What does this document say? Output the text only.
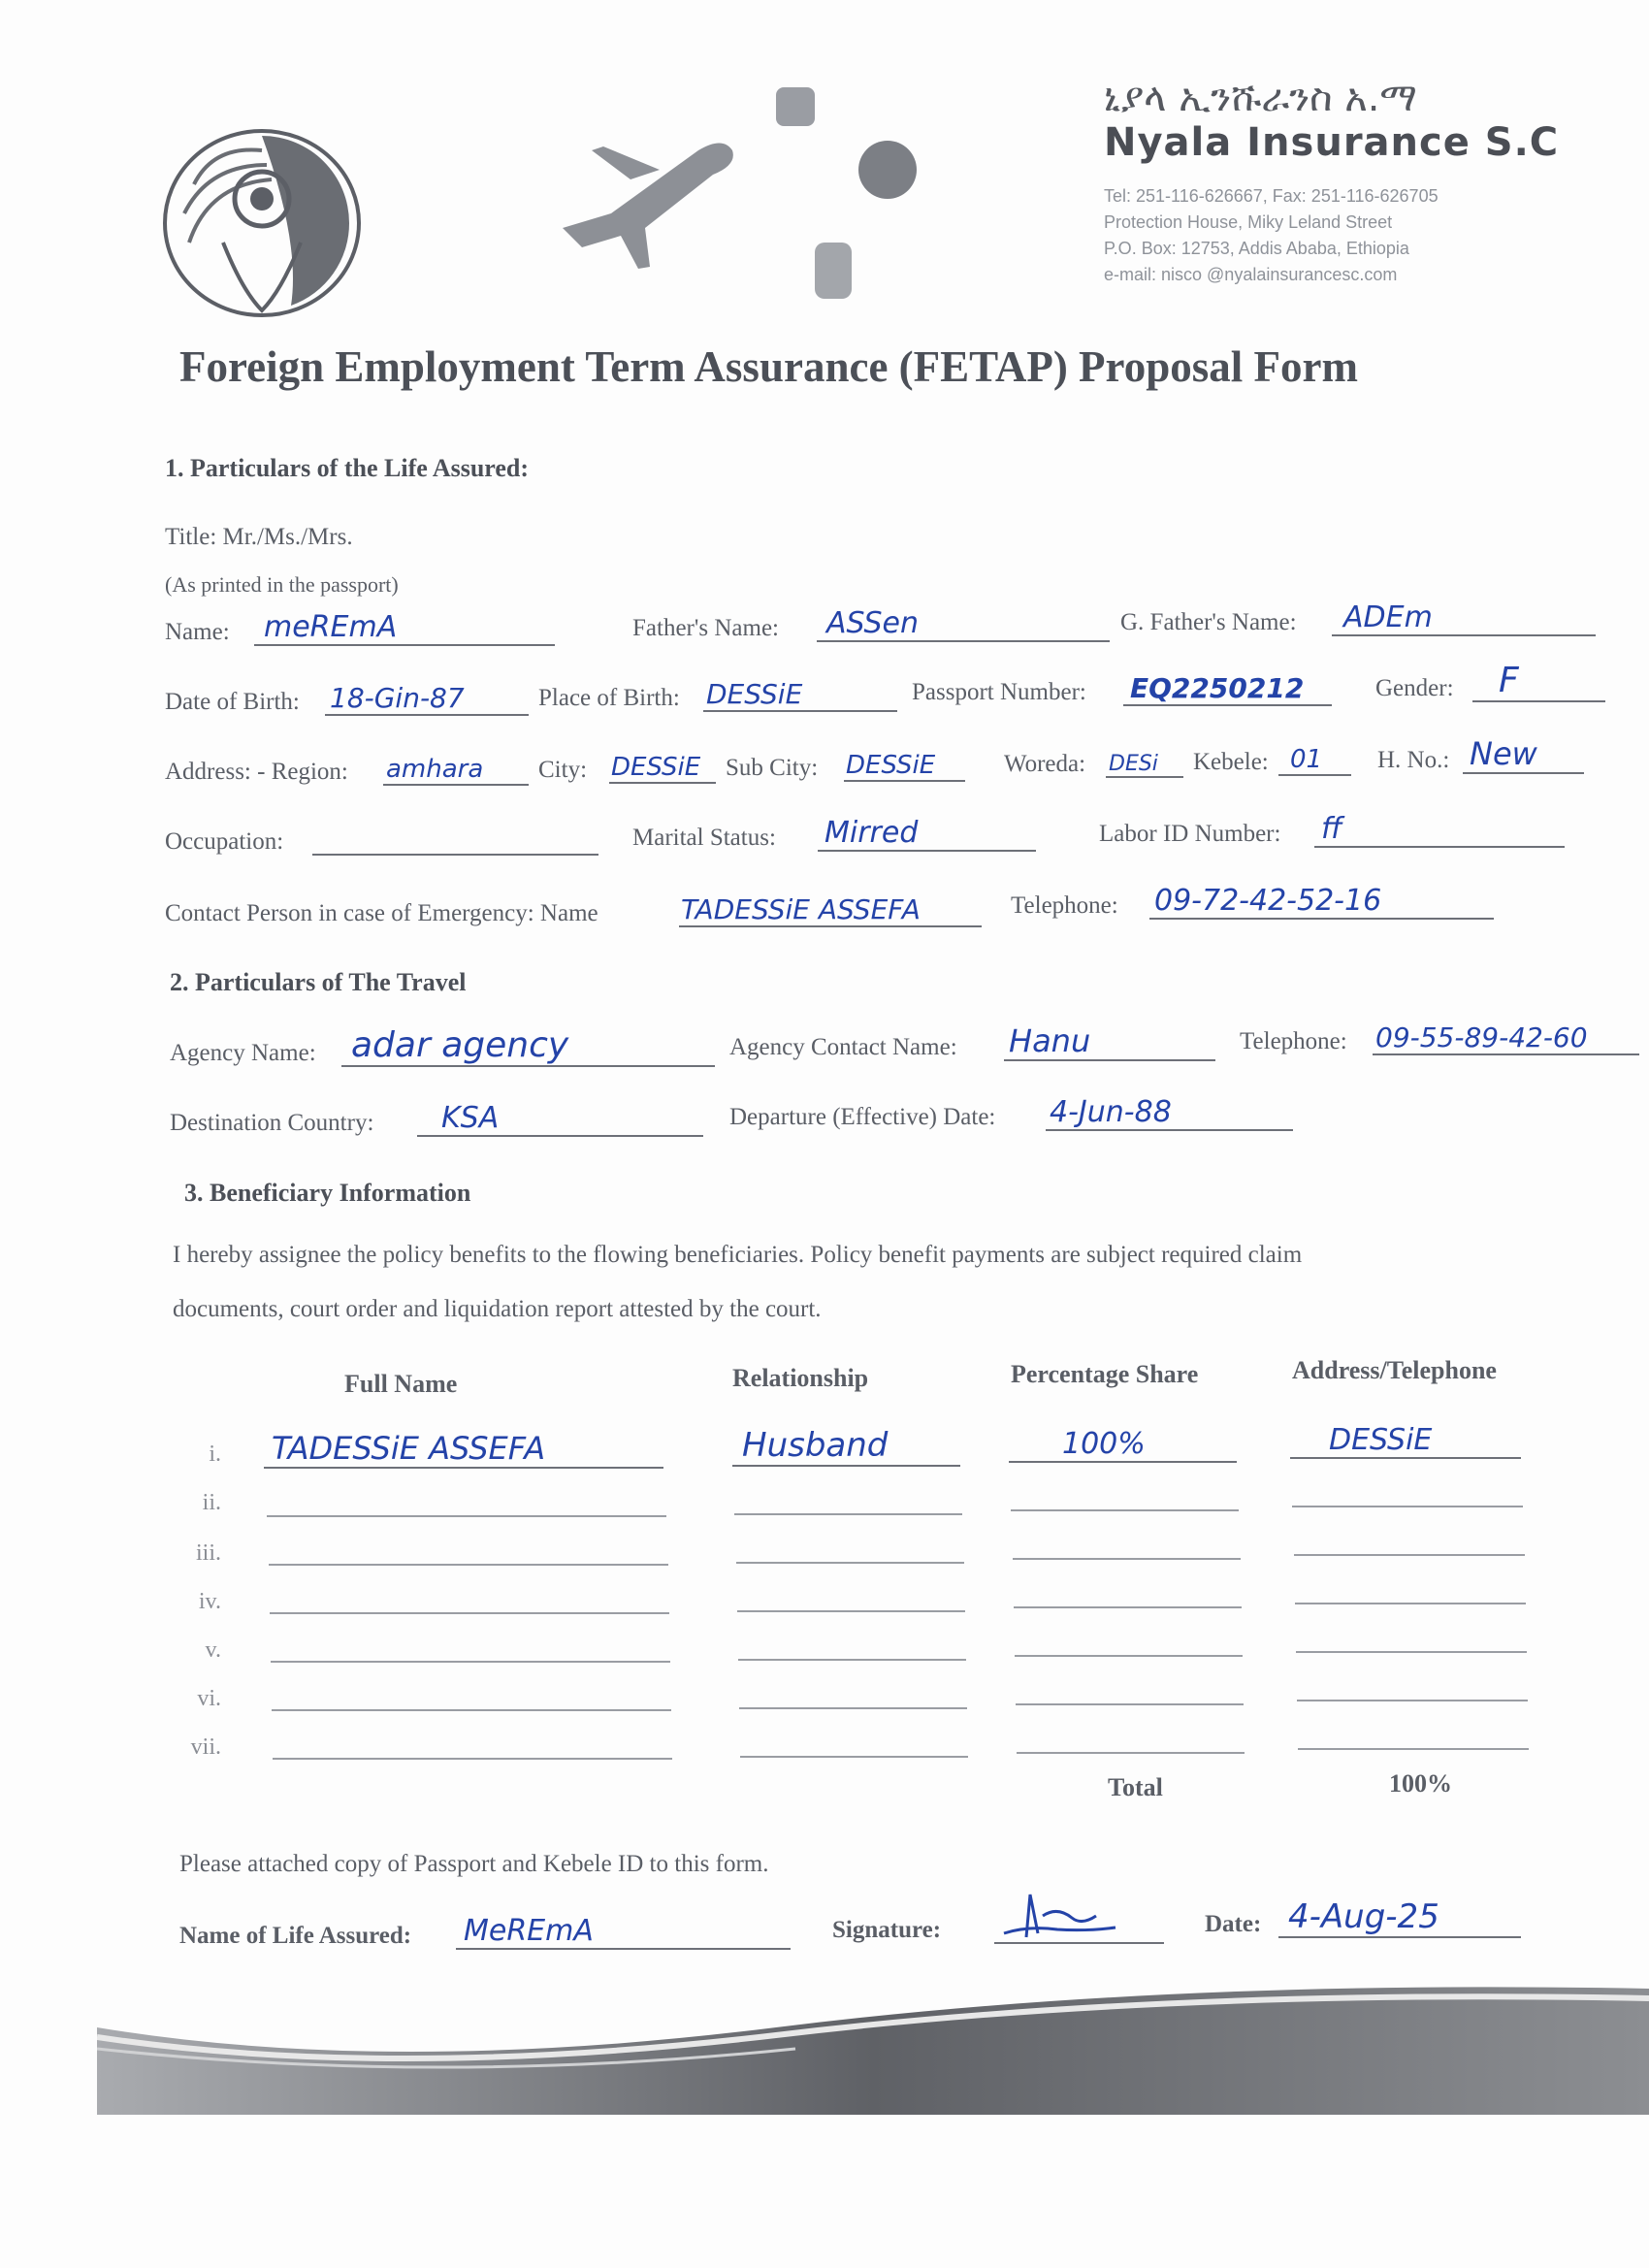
ኒያላ ኢንሹራንስ አ.ማ
Nyala Insurance S.C
Tel: 251-116-626667, Fax: 251-116-626705
Protection House, Miky Leland Street
P.O. Box: 12753, Addis Ababa, Ethiopia
e-mail: nisco @nyalainsurancesc.com
Foreign Employment Term Assurance (FETAP) Proposal Form
1. Particulars of the Life Assured:
Title: Mr./Ms./Mrs.
(As printed in the passport)
Name: meREmA	Father's Name: ASSen	G. Father's Name: ADEm
Date of Birth: 18-Gin-87	Place of Birth: DESSiE	Passport Number: EQ2250212	Gender: F
Address: - Region: amhara City: DESSiE Sub City: DESSiE	Woreda: DESi Kebele: 01 H. No.: New
Occupation:	Marital Status: Mirred	Labor ID Number: ff
Contact Person in case of Emergency: Name	TADESSiE ASSEFA	Telephone: 09-72-42-52-16
2. Particulars of The Travel
Agency Name: adar agency	Agency Contact Name: Hanu	Telephone: 09-55-89-42-60
Destination Country: KSA	Departure (Effective) Date: 4-Jun-88
3. Beneficiary Information
I hereby assignee the policy benefits to the flowing beneficiaries. Policy benefit payments are subject required claim
documents, court order and liquidation report attested by the court.
Full Name	Relationship	Percentage Share	Address/Telephone
i. TADESSiE ASSEFA	Husband	100%	DESSiE
ii.
iii.
iv.
v.
vi.
vii.
Total	100%
Please attached copy of Passport and Kebele ID to this form.
Name of Life Assured: MeREmA	Signature:	Date: 4-Aug-25
